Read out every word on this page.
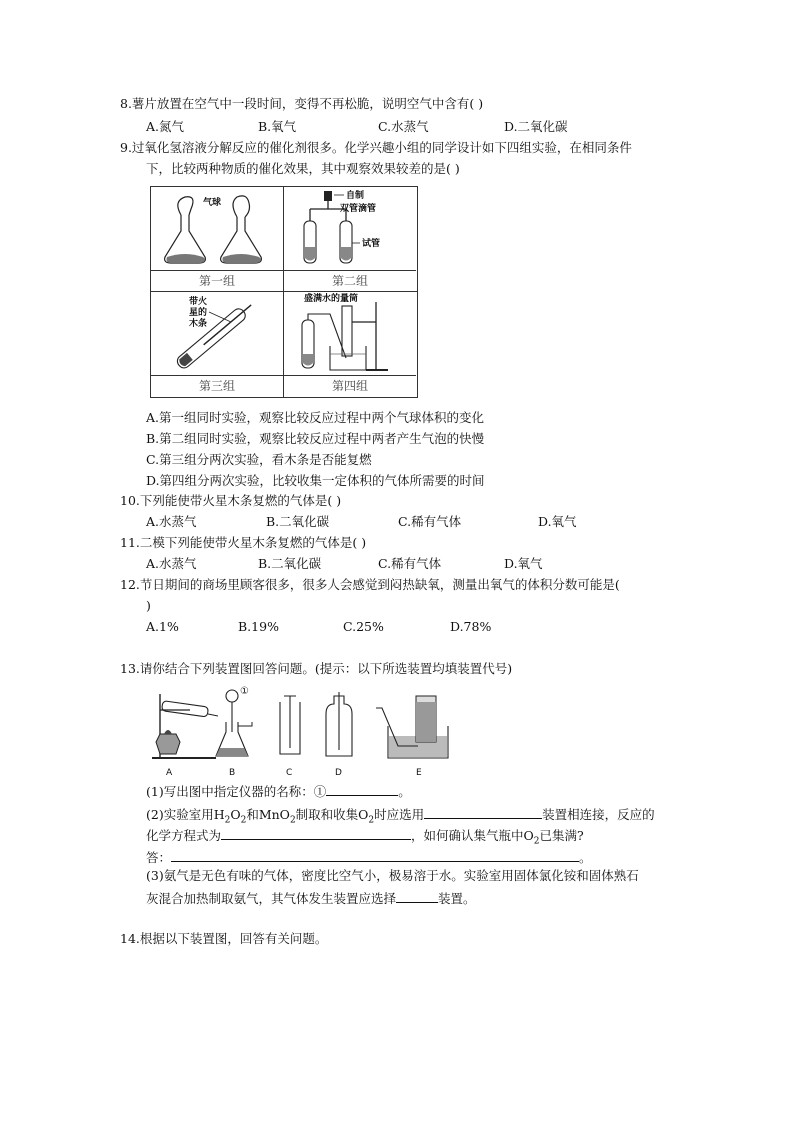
8.薯片放置在空气中一段时间，变得不再松脆，说明空气中含有( )
A.氮气	B.氧气	C.水蒸气	D.二氧化碳
9.过氧化氢溶液分解反应的催化剂很多。化学兴趣小组的同学设计如下四组实验，在相同条件
下，比较两种物质的催化效果，其中观察效果较差的是( )
气球
第一组
自制
双管滴管
试管
第二组
带火
星的
木条
第三组
盛满水的量筒
第四组
A.第一组同时实验，观察比较反应过程中两个气球体积的变化
B.第二组同时实验，观察比较反应过程中两者产生气泡的快慢
C.第三组分两次实验，看木条是否能复燃
D.第四组分两次实验，比较收集一定体积的气体所需要的时间
10.下列能使带火星木条复燃的气体是( )
A.水蒸气	B.二氧化碳	C.稀有气体	D.氧气
11.二模下列能使带火星木条复燃的气体是( )
A.水蒸气	B.二氧化碳	C.稀有气体	D.氧气
12.节日期间的商场里顾客很多，很多人会感觉到闷热缺氧，测量出氧气的体积分数可能是(
)
A.1%	B.19%	C.25%	D.78%
13.请你结合下列装置图回答问题。(提示：以下所选装置均填装置代号)
A
①
B	C	D	E
(1)写出图中指定仪器的名称：①	。
(2)实验室用$H_2O_2$和MnO$_2$制取和收集$O_2$时应选用	装置相连接，反应的
化学方程式为	，如何确认集气瓶中$O_2$已集满?
答：	。
(3)氨气是无色有味的气体，密度比空气小，极易溶于水。实验室用固体氯化铵和固体熟石
灰混合加热制取氨气，其气体发生装置应选择	装置。
14.根据以下装置图，回答有关问题。
